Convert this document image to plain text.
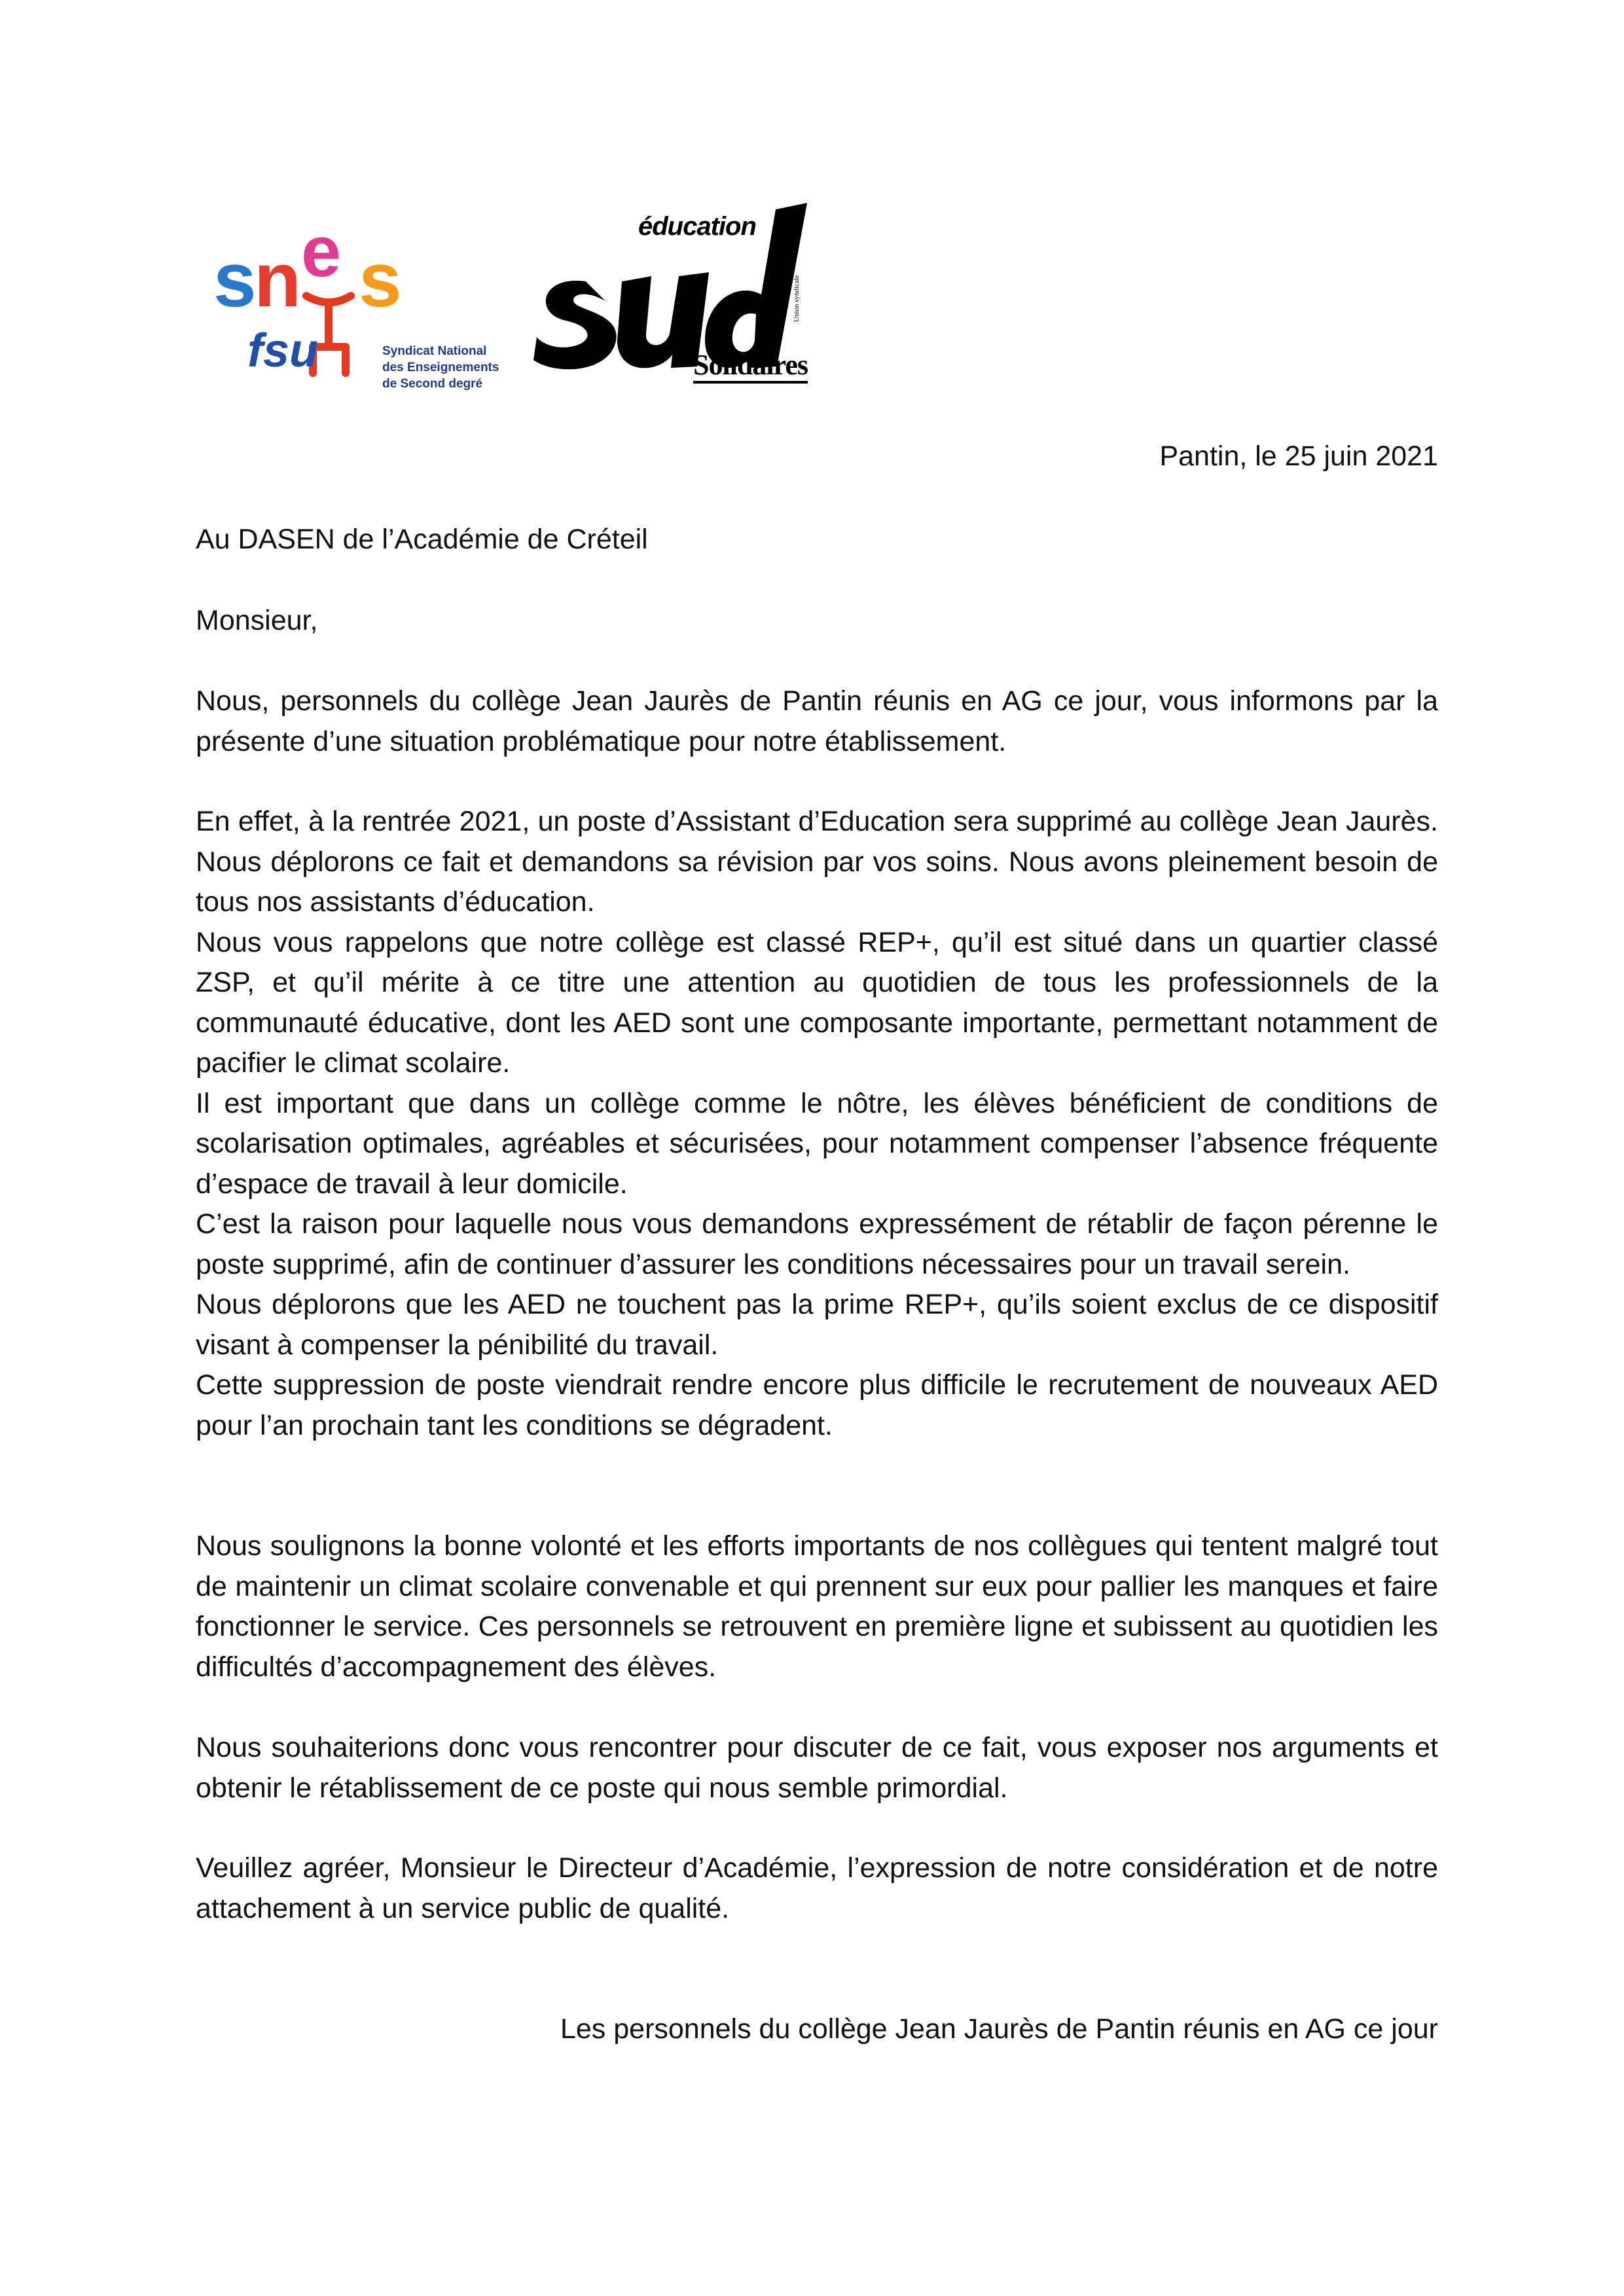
s
n e s
fsu	Syndicat National
des Enseignements
de Second degré
éducation
Union syndicale
Solidaires
Pantin, le 25 juin 2021
Au DASEN de l’Académie de Créteil
Monsieur,
Nous, personnels du collège Jean Jaurès de Pantin réunis en AG ce jour, vous informons par la présente d’une situation problématique pour notre établissement.

En effet, à la rentrée 2021, un poste d’Assistant d’Education sera supprimé au collège Jean Jaurès. Nous déplorons ce fait et demandons sa révision par vos soins. Nous avons pleinement besoin de tous nos assistants d’éducation.

Nous vous rappelons que notre collège est classé REP+, qu’il est situé dans un quartier classé ZSP, et qu’il mérite à ce titre une attention au quotidien de tous les professionnels de la communauté éducative, dont les AED sont une composante importante, permettant notamment de pacifier le climat scolaire.

Il est important que dans un collège comme le nôtre, les élèves bénéficient de conditions de scolarisation optimales, agréables et sécurisées, pour notamment compenser l’absence fréquente d’espace de travail à leur domicile.

C’est la raison pour laquelle nous vous demandons expressément de rétablir de façon pérenne le poste supprimé, afin de continuer d’assurer les conditions nécessaires pour un travail serein.

Nous déplorons que les AED ne touchent pas la prime REP+, qu’ils soient exclus de ce dispositif visant à compenser la pénibilité du travail.

Cette suppression de poste viendrait rendre encore plus difficile le recrutement de nouveaux AED pour l’an prochain tant les conditions se dégradent.

Nous soulignons la bonne volonté et les efforts importants de nos collègues qui tentent malgré tout de maintenir un climat scolaire convenable et qui prennent sur eux pour pallier les manques et faire fonctionner le service. Ces personnels se retrouvent en première ligne et subissent au quotidien les difficultés d’accompagnement des élèves.
Nous souhaiterions donc vous rencontrer pour discuter de ce fait, vous exposer nos arguments et obtenir le rétablissement de ce poste qui nous semble primordial.
Veuillez agréer, Monsieur le Directeur d’Académie, l’expression de notre considération et de notre attachement à un service public de qualité.
Les personnels du collège Jean Jaurès de Pantin réunis en AG ce jour
